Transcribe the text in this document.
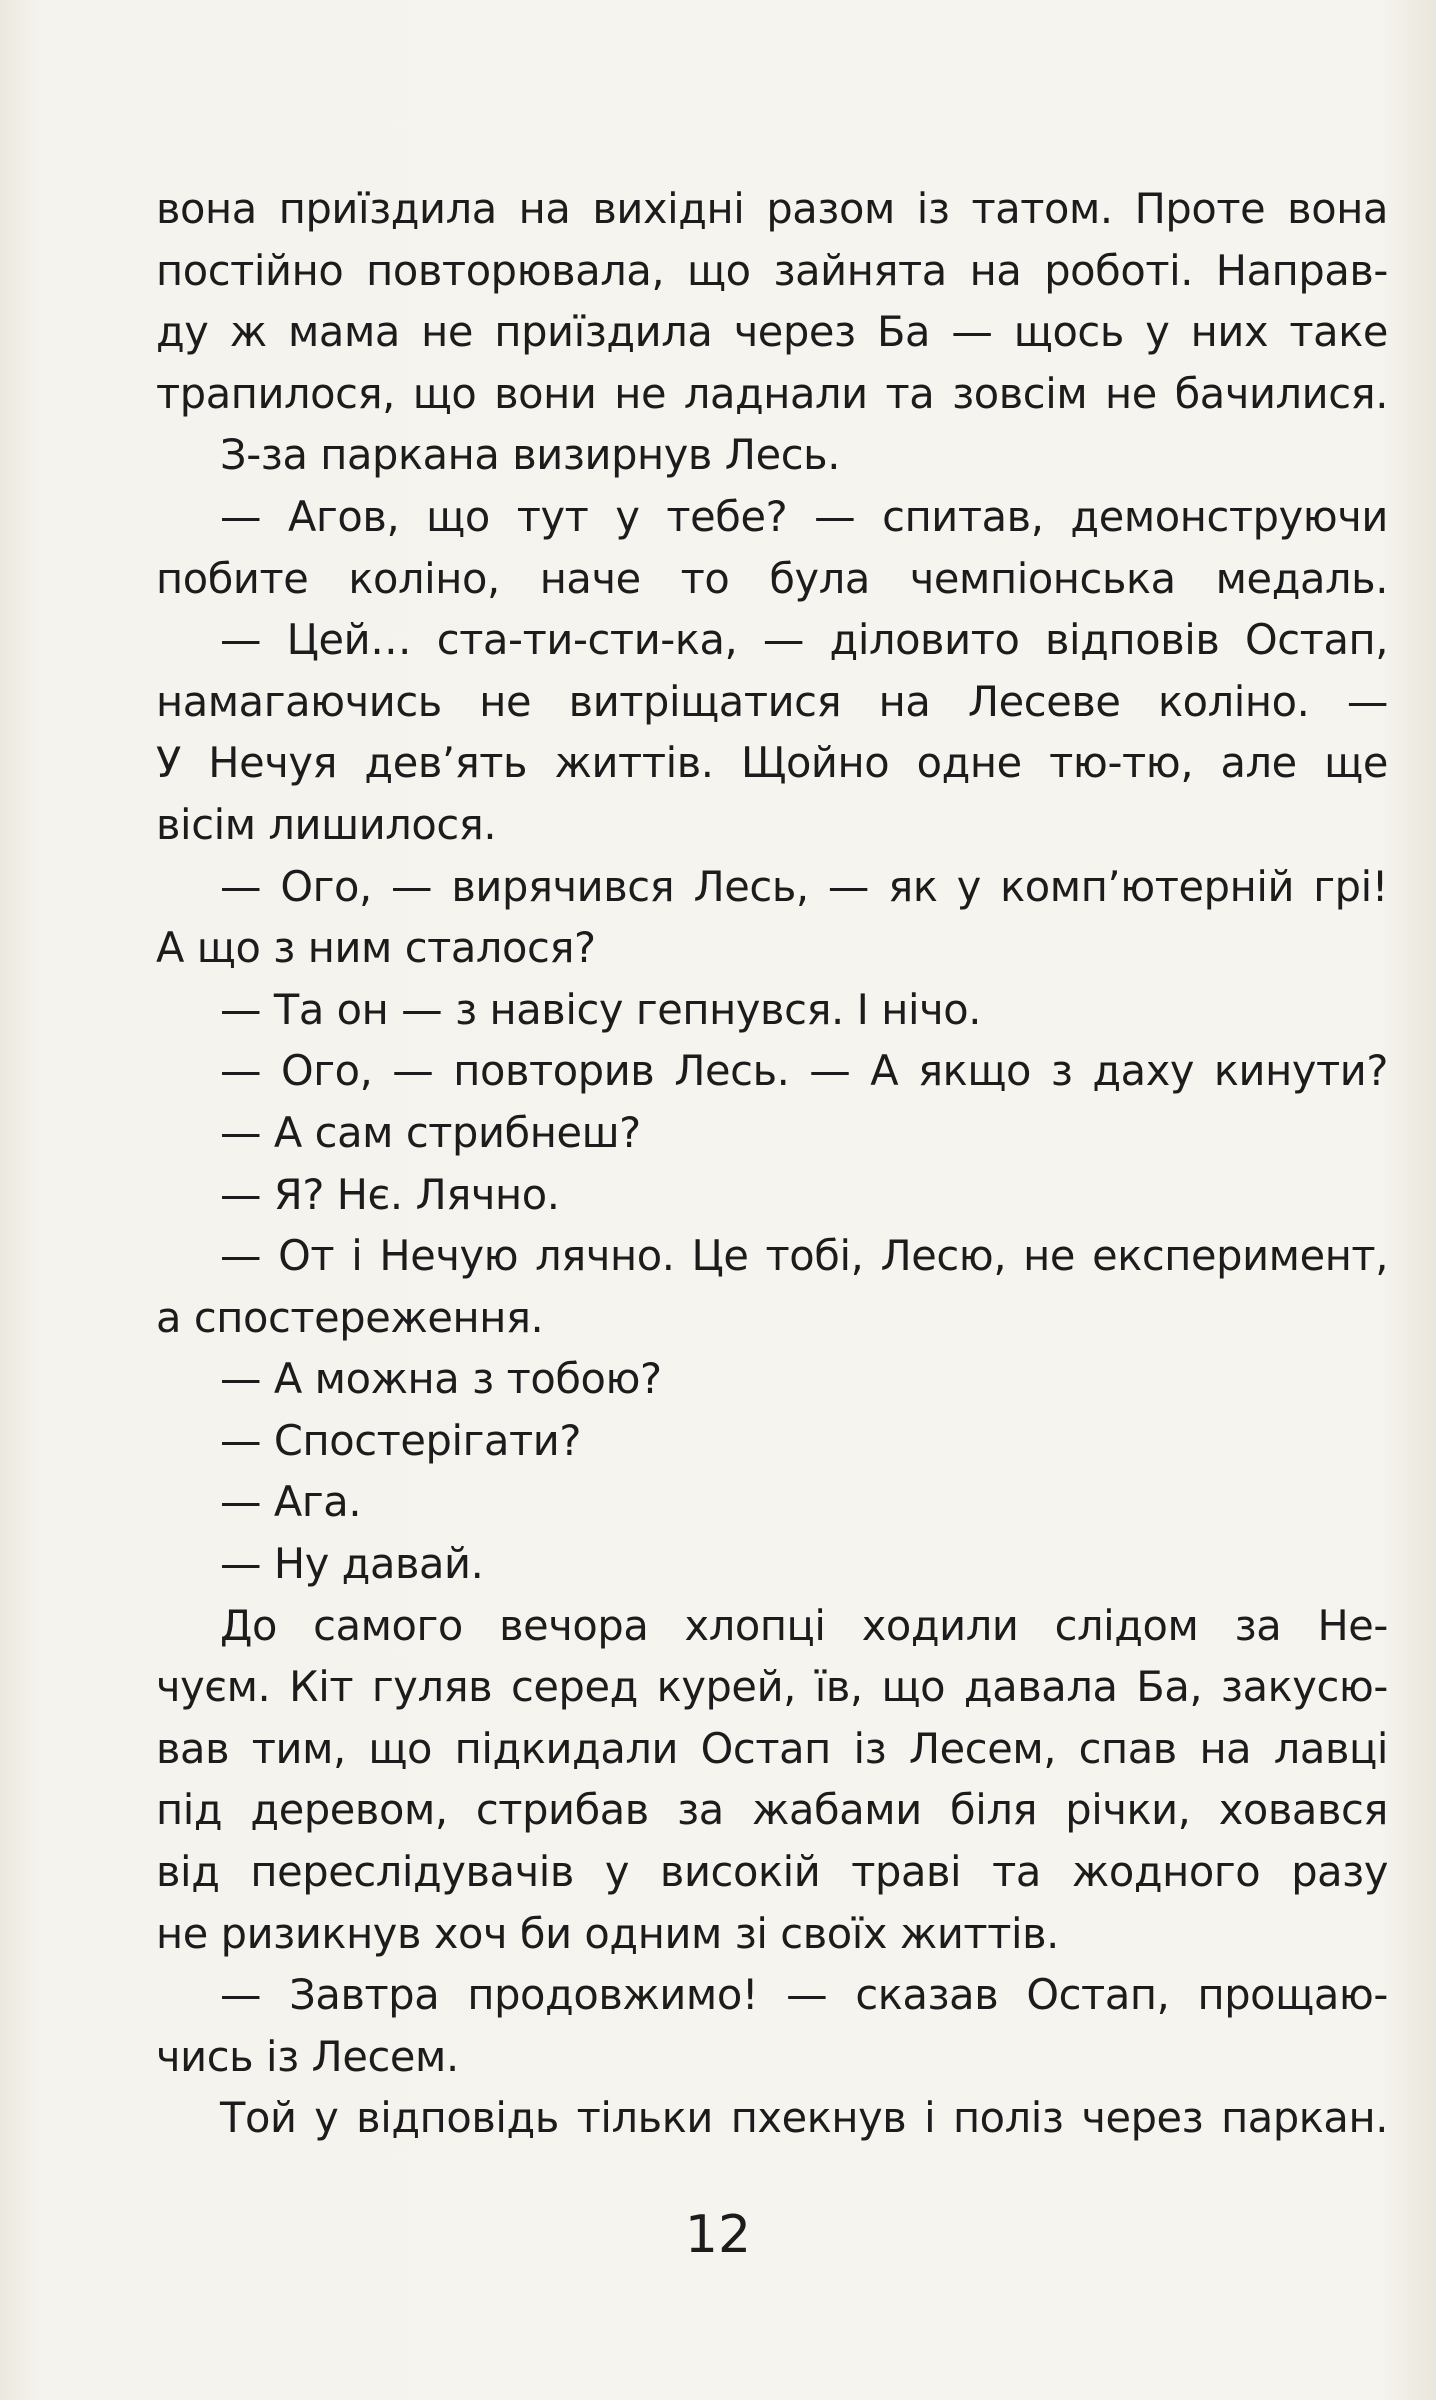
вона приїздила на вихідні разом із татом. Проте вона
постійно повторювала, що зайнята на роботі. Направ-
ду ж мама не приїздила через Ба — щось у них таке
трапилося, що вони не ладнали та зовсім не бачилися.
З-за паркана визирнув Лесь.
— Агов, що тут у тебе? — спитав, демонструючи
побите коліно, наче то була чемпіонська медаль.
— Цей… ста-ти-сти-ка, — діловито відповів Остап,
намагаючись не витріщатися на Лесеве коліно. —
У Нечуя дев’ять життів. Щойно одне тю-тю, але ще
вісім лишилося.
— Ого, — вирячився Лесь, — як у комп’ютерній грі!
А що з ним сталося?
— Та он — з навісу гепнувся. І нічо.
— Ого, — повторив Лесь. — А якщо з даху кинути?
— А сам стрибнеш?
— Я? Нє. Лячно.
— От і Нечую лячно. Це тобі, Лесю, не експеримент,
а спостереження.
— А можна з тобою?
— Спостерігати?
— Ага.
— Ну давай.
До самого вечора хлопці ходили слідом за Не-
чуєм. Кіт гуляв серед курей, їв, що давала Ба, закусю-
вав тим, що підкидали Остап із Лесем, спав на лавці
під деревом, стрибав за жабами біля річки, ховався
від переслідувачів у високій траві та жодного разу
не ризикнув хоч би одним зі своїх життів.
— Завтра продовжимо! — сказав Остап, прощаю-
чись із Лесем.
Той у відповідь тільки пхекнув і поліз через паркан.
12
